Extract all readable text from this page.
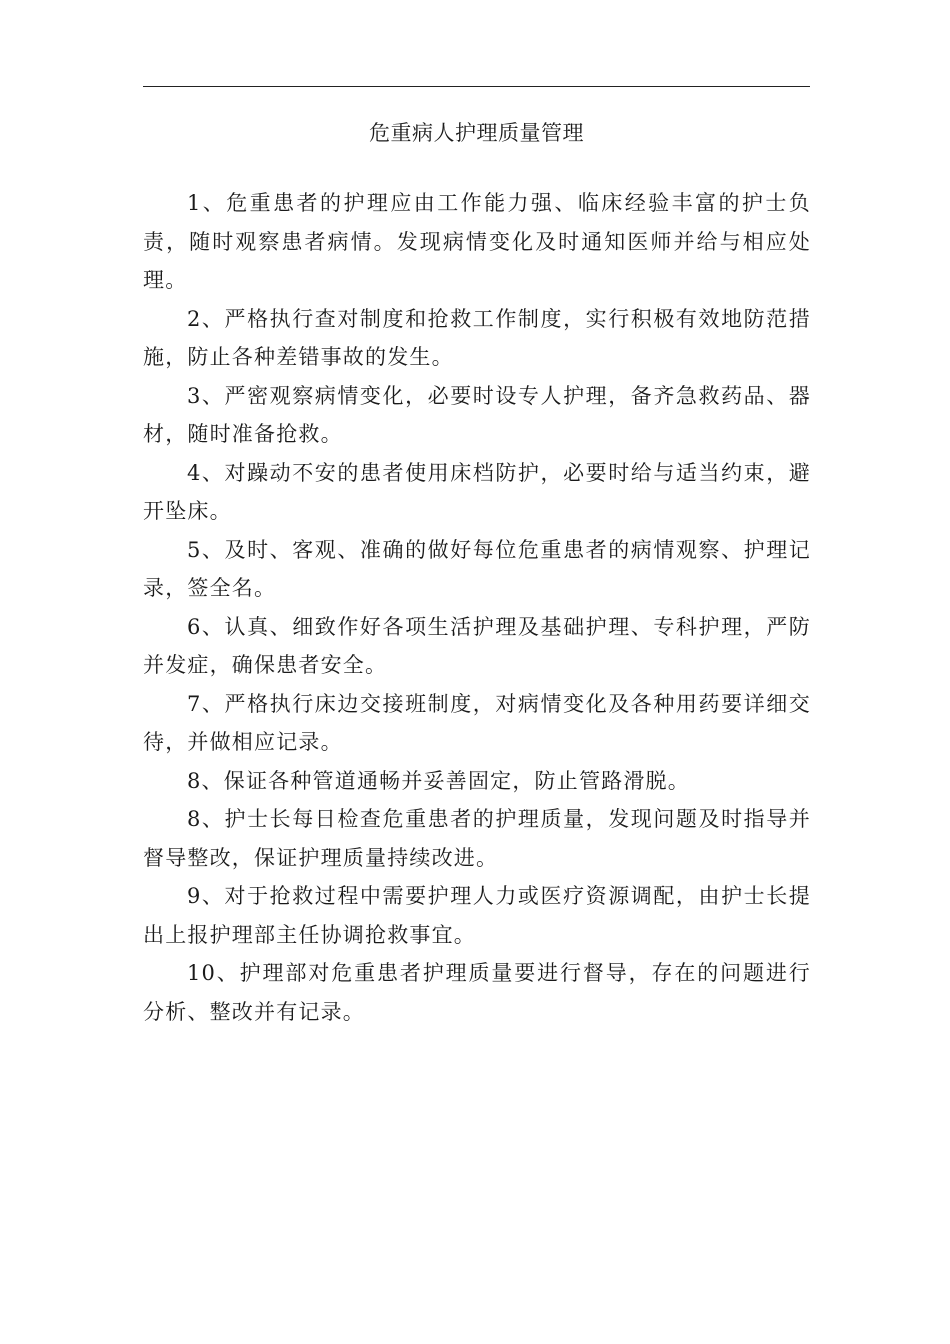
危重病人护理质量管理

1、危重患者的护理应由工作能力强、临床经验丰富的护士负责，随时观察患者病情。发现病情变化及时通知医师并给与相应处理。

2、严格执行查对制度和抢救工作制度，实行积极有效地防范措施，防止各种差错事故的发生。

3、严密观察病情变化，必要时设专人护理，备齐急救药品、器材，随时准备抢救。

4、对躁动不安的患者使用床档防护，必要时给与适当约束，避开坠床。

5、及时、客观、准确的做好每位危重患者的病情观察、护理记录，签全名。

6、认真、细致作好各项生活护理及基础护理、专科护理，严防并发症，确保患者安全。

7、严格执行床边交接班制度，对病情变化及各种用药要详细交待，并做相应记录。

8、保证各种管道通畅并妥善固定，防止管路滑脱。

8、护士长每日检查危重患者的护理质量，发现问题及时指导并督导整改，保证护理质量持续改进。

9、对于抢救过程中需要护理人力或医疗资源调配，由护士长提出上报护理部主任协调抢救事宜。

10、护理部对危重患者护理质量要进行督导，存在的问题进行分析、整改并有记录。
